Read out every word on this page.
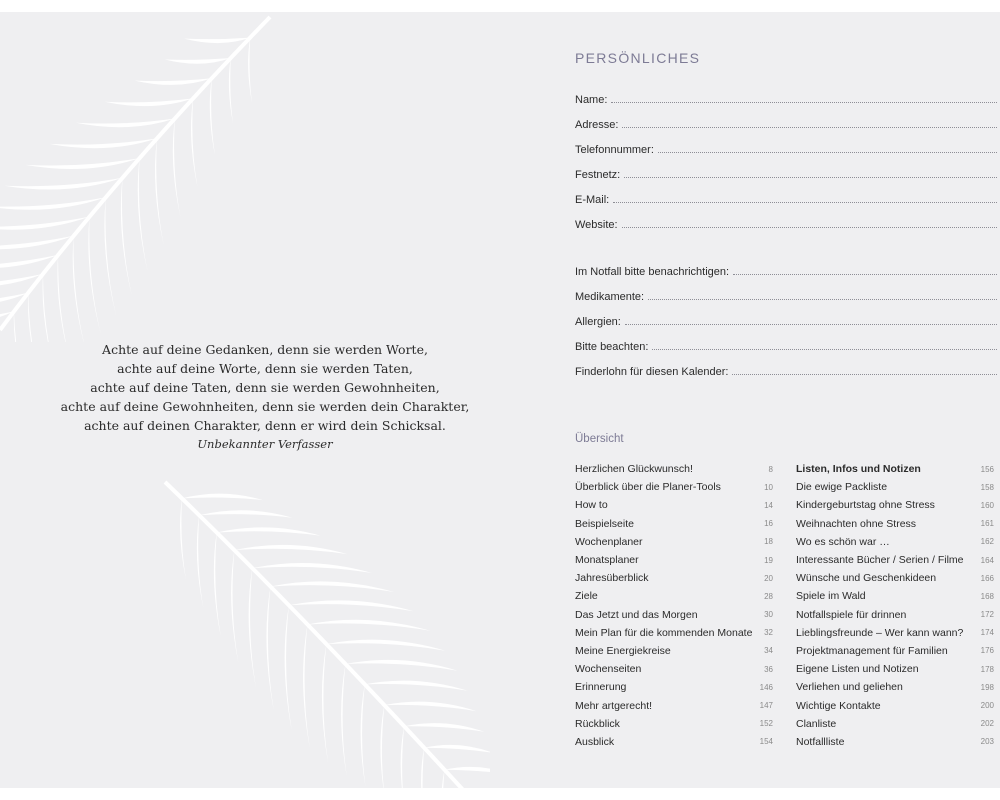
Achte auf deine Gedanken, denn sie werden Worte,
achte auf deine Worte, denn sie werden Taten,
achte auf deine Taten, denn sie werden Gewohnheiten,
achte auf deine Gewohnheiten, denn sie werden dein Charakter,
achte auf deinen Charakter, denn er wird dein Schicksal.
Unbekannter Verfasser
PERSÖNLICHES
Name:
Adresse:
Telefonnummer:
Festnetz:
E-Mail:
Website:
Im Notfall bitte benachrichtigen:
Medikamente:
Allergien:
Bitte beachten:
Finderlohn für diesen Kalender:
Übersicht
Herzlichen Glückwunsch!	8
Überblick über die Planer-Tools	10
How to	14
Beispielseite	16
Wochenplaner	18
Monatsplaner	19
Jahresüberblick	20
Ziele	28
Das Jetzt und das Morgen	30
Mein Plan für die kommenden Monate 32
Meine Energiekreise	34
Wochenseiten	36
Erinnerung	146
Mehr artgerecht!	147
Rückblick	152
Ausblick	154
Listen, Infos und Notizen	156
Die ewige Packliste	158
Kindergeburtstag ohne Stress	160
Weihnachten ohne Stress	161
Wo es schön war …	162
Interessante Bücher / Serien / Filme 164
Wünsche und Geschenkideen	166
Spiele im Wald	168
Notfallspiele für drinnen	172
Lieblingsfreunde – Wer kann wann? 174
Projektmanagement für Familien	176
Eigene Listen und Notizen	178
Verliehen und geliehen	198
Wichtige Kontakte	200
Clanliste	202
Notfallliste	203
